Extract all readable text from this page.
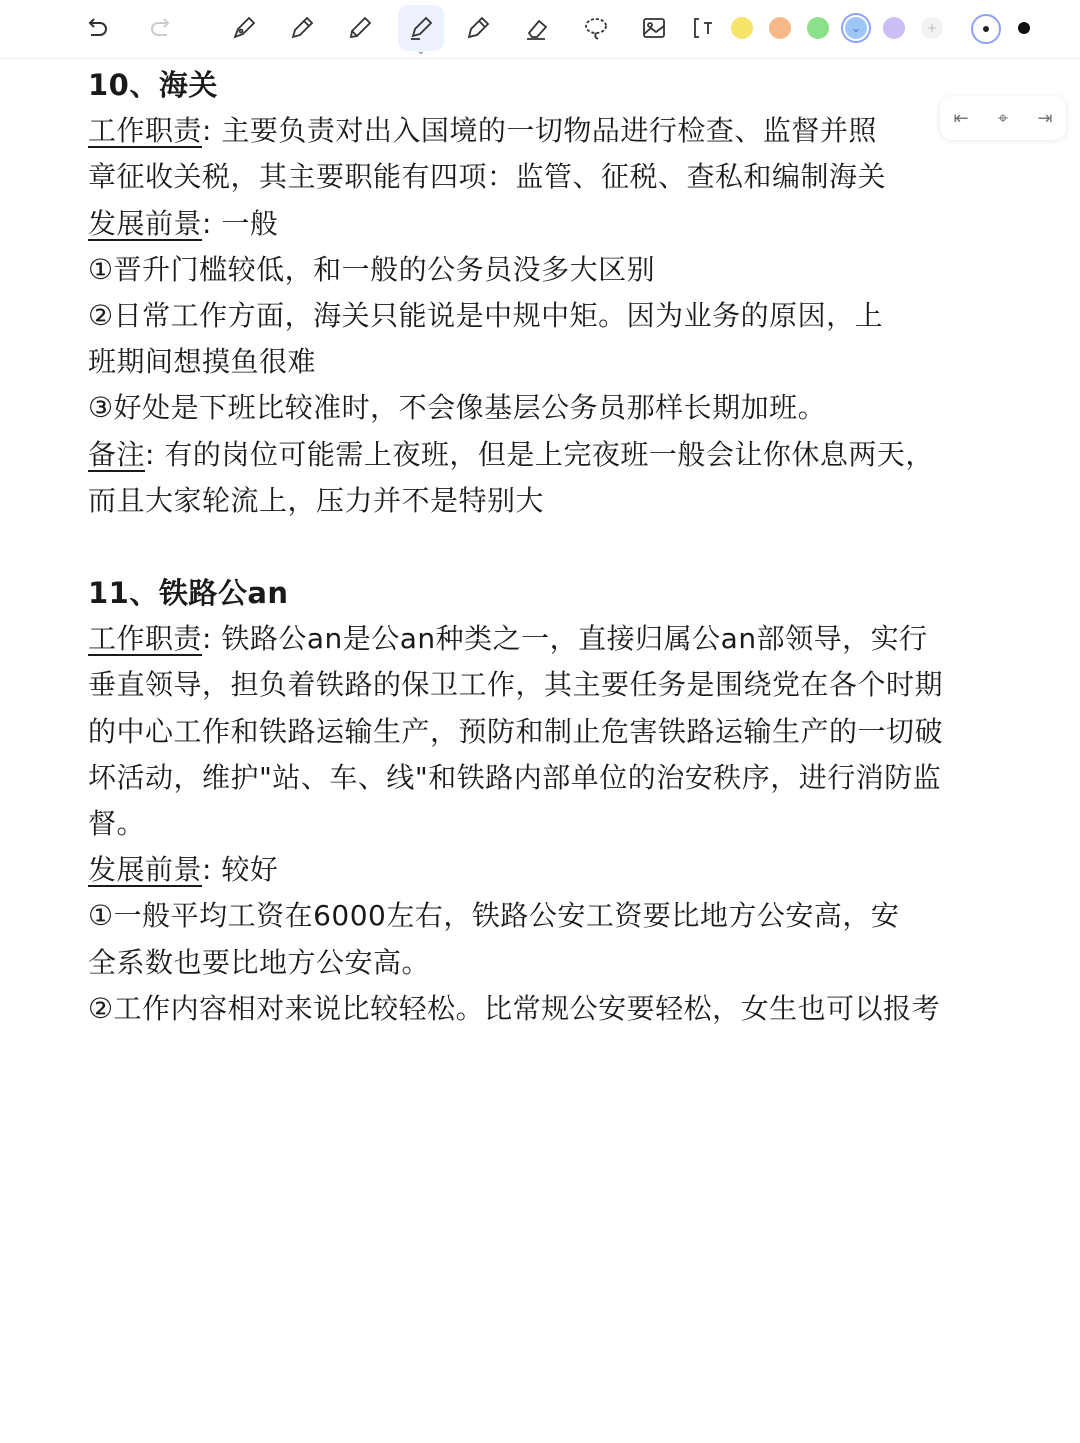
⌄
⌄	+
⇤	⌖	⇥

10、海关

工作职责: 主要负责对出入国境的一切物品进行检查、监督并照

章征收关税，其主要职能有四项：监管、征税、查私和编制海关

发展前景: 一般

①晋升门槛较低，和一般的公务员没多大区别

②日常工作方面，海关只能说是中规中矩。因为业务的原因，上

班期间想摸鱼很难

③好处是下班比较准时，不会像基层公务员那样长期加班。

备注: 有的岗位可能需上夜班，但是上完夜班一般会让你休息两天，

而且大家轮流上，压力并不是特别大

11、铁路公an

工作职责: 铁路公an是公an种类之一，直接归属公an部领导，实行

垂直领导，担负着铁路的保卫工作，其主要任务是围绕党在各个时期

的中心工作和铁路运输生产，预防和制止危害铁路运输生产的一切破

坏活动，维护"站、车、线"和铁路内部单位的治安秩序，进行消防监

督。

发展前景: 较好

①一般平均工资在6000左右，铁路公安工资要比地方公安高，安

全系数也要比地方公安高。

②工作内容相对来说比较轻松。比常规公安要轻松，女生也可以报考
